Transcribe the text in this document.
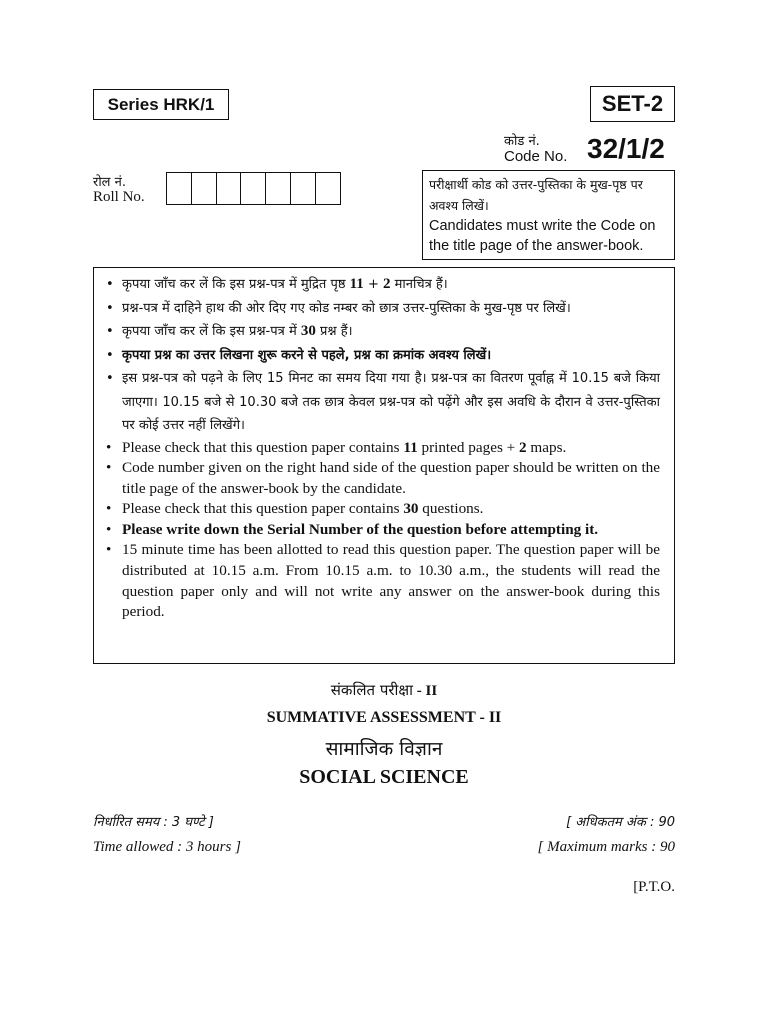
Series HRK/1	SET-2
कोड नं.
Code No. 32/1/2
रोल नं.
Roll No.
परीक्षार्थी कोड को उत्तर-पुस्तिका के मुख-पृष्ठ पर अवश्य लिखें।
Candidates must write the Code on the title page of the answer-book.
• कृपया जाँच कर लें कि इस प्रश्न-पत्र में मुद्रित पृष्ठ 11 + 2 मानचित्र हैं।
• प्रश्न-पत्र में दाहिने हाथ की ओर दिए गए कोड नम्बर को छात्र उत्तर-पुस्तिका के मुख-पृष्ठ पर लिखें।
• कृपया जाँच कर लें कि इस प्रश्न-पत्र में 30 प्रश्न हैं।
• कृपया प्रश्न का उत्तर लिखना शुरू करने से पहले, प्रश्न का क्रमांक अवश्य लिखें।
• इस प्रश्न-पत्र को पढ़ने के लिए 15 मिनट का समय दिया गया है। प्रश्न-पत्र का वितरण पूर्वाह्न में 10.15 बजे किया जाएगा। 10.15 बजे से 10.30 बजे तक छात्र केवल प्रश्न-पत्र को पढ़ेंगे और इस अवधि के दौरान वे उत्तर-पुस्तिका पर कोई उत्तर नहीं लिखेंगे।
• Please check that this question paper contains 11 printed pages + 2 maps.
• Code number given on the right hand side of the question paper should be written on the title page of the answer-book by the candidate.
• Please check that this question paper contains 30 questions.
• Please write down the Serial Number of the question before attempting it.
• 15 minute time has been allotted to read this question paper. The question paper will be distributed at 10.15 a.m. From 10.15 a.m. to 10.30 a.m., the students will read the question paper only and will not write any answer on the answer-book during this period.
संकलित परीक्षा - II
SUMMATIVE ASSESSMENT - II
सामाजिक विज्ञान
SOCIAL SCIENCE
निर्धारित समय : 3 घण्टे ]
Time allowed : 3 hours ]
[ अधिकतम अंक : 90
[ Maximum marks : 90
[P.T.O.
